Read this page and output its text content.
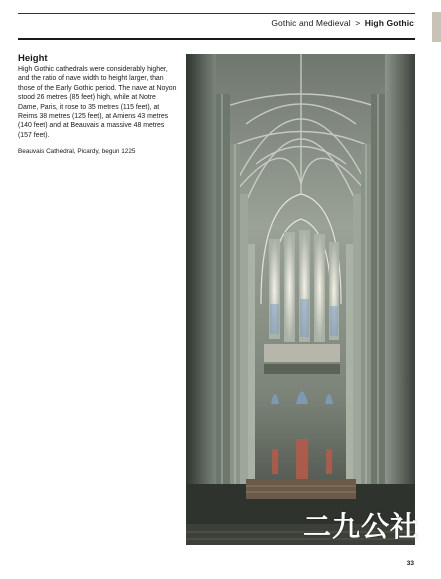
Gothic and Medieval > High Gothic
Height

High Gothic cathedrals were considerably higher, and the ratio of nave width to height larger, than those of the Early Gothic period. The nave at Noyon stood 26 metres (85 feet) high, while at Notre Dame, Paris, it rose to 35 metres (115 feet), at Reims 38 metres (125 feet), at Amiens 43 metres (140 feet) and at Beauvais a massive 48 metres (157 feet).

Beauvais Cathedral, Picardy, begun 1225

二九公社
33
